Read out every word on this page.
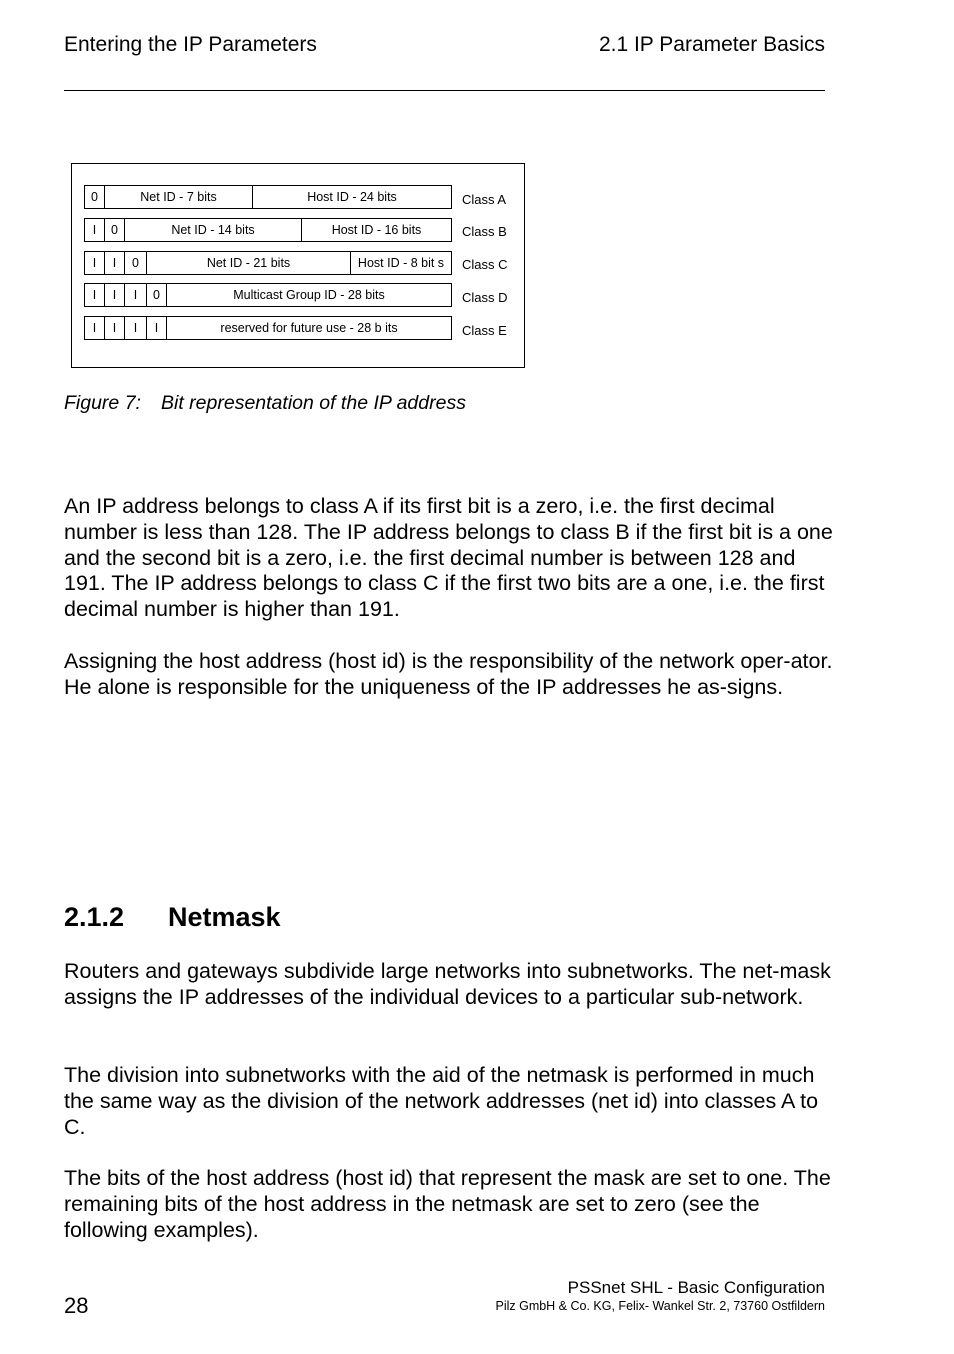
Entering the IP Parameters	2.1 IP Parameter Basics
0	Net ID - 7 bits	Host ID - 24 bits	Class A
I	0	Net ID - 14 bits	Host ID - 16 bits	Class B
I	I	0	Net ID - 21 bits	Host ID - 8 bit s	Class C
I	I	I	0	Multicast Group ID - 28 bits	Class D
I	I	I	I	reserved for future use - 28 b its	Class E
Figure 7: Bit representation of the IP address
An IP address belongs to class A if its first bit is a zero, i.e. the first decimal number is less than 128. The IP address belongs to class B if the first bit is a one and the second bit is a zero, i.e. the first decimal number is between 128 and 191. The IP address belongs to class C if the first two bits are a one, i.e. the first decimal number is higher than 191.
Assigning the host address (host id) is the responsibility of the network oper-ator. He alone is responsible for the uniqueness of the IP addresses he as-signs.
2.1.2 Netmask
Routers and gateways subdivide large networks into subnetworks. The net-mask assigns the IP addresses of the individual devices to a particular sub-network.
The division into subnetworks with the aid of the netmask is performed in much the same way as the division of the network addresses (net id) into classes A to C.
The bits of the host address (host id) that represent the mask are set to one. The remaining bits of the host address in the netmask are set to zero (see the following examples).
28
PSSnet SHL - Basic Configuration
Pilz GmbH & Co. KG, Felix- Wankel Str. 2, 73760 Ostfildern
